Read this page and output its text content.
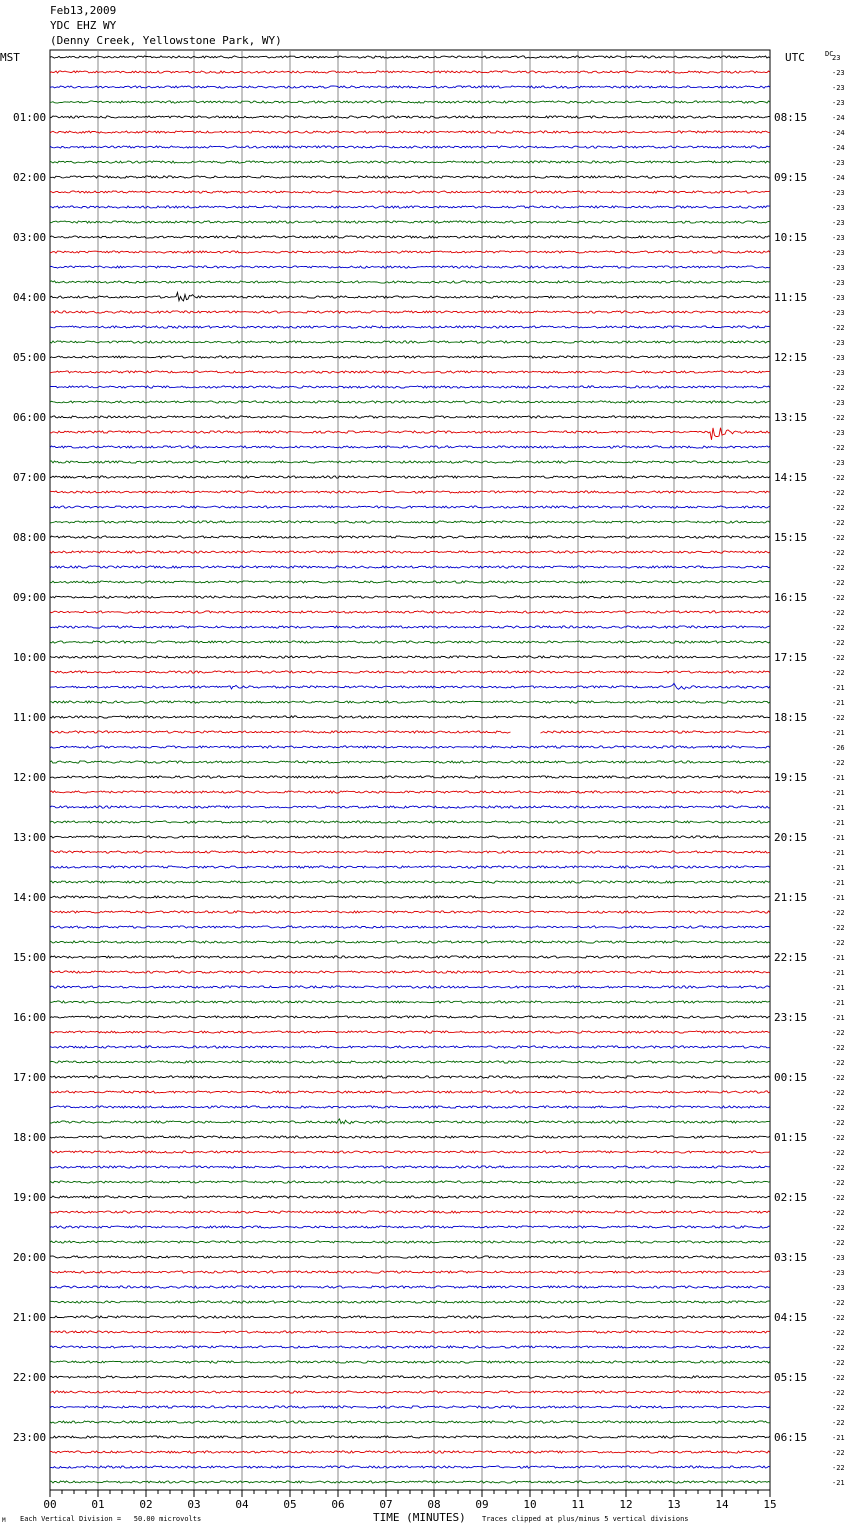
Feb13,2009
YDC EHZ WY
(Denny Creek, Yellowstone Park, WY)
23
-23
-23
-23
-24
-24
-24
-23
-24
-23
-23
-23
-23
-23
-23
-23
-23
-23
-22
-23
-23
-23
-22
-23
-22
-23
-22
-23
-22
-22
-22
-22
-22
-22
-22
-22
-22
-22
-22
-22
-22
-22
-21
-21
-22
-21
-26
-22
-21
-21
-21
-21
-21
-21
-21
-21
-21
-22
-22
-22
-21
-21
-21
-21
-21
-22
-22
-22
-22
-22
-22
-22
-22
-22
-22
-22
-22
-22
-22
-22
-23
-23
-23
-22
-22
-22
-22
-22
-22
-22
-22
-22
-21
-22
-22
-21
01:00
02:00
03:00
04:00
05:00
06:00
07:00
08:00
09:00
10:00
11:00
12:00
13:00
14:00
15:00
16:00
17:00
18:00
19:00
20:00
21:00
22:00
23:00
08:15
09:15
10:15
11:15
12:15
13:15
14:15
15:15
16:15
17:15
18:15
19:15
20:15
21:15
22:15
23:15
00:15
01:15
02:15
03:15
04:15
05:15
06:15
MST	UTC	DC
00	01	02	03	04	05	06	07	08	09	10	11	12	13	14	15
Each Vertical Division =   50.00 microvolts
M	Traces clipped at plus/minus 5 vertical divisions
TIME (MINUTES)
